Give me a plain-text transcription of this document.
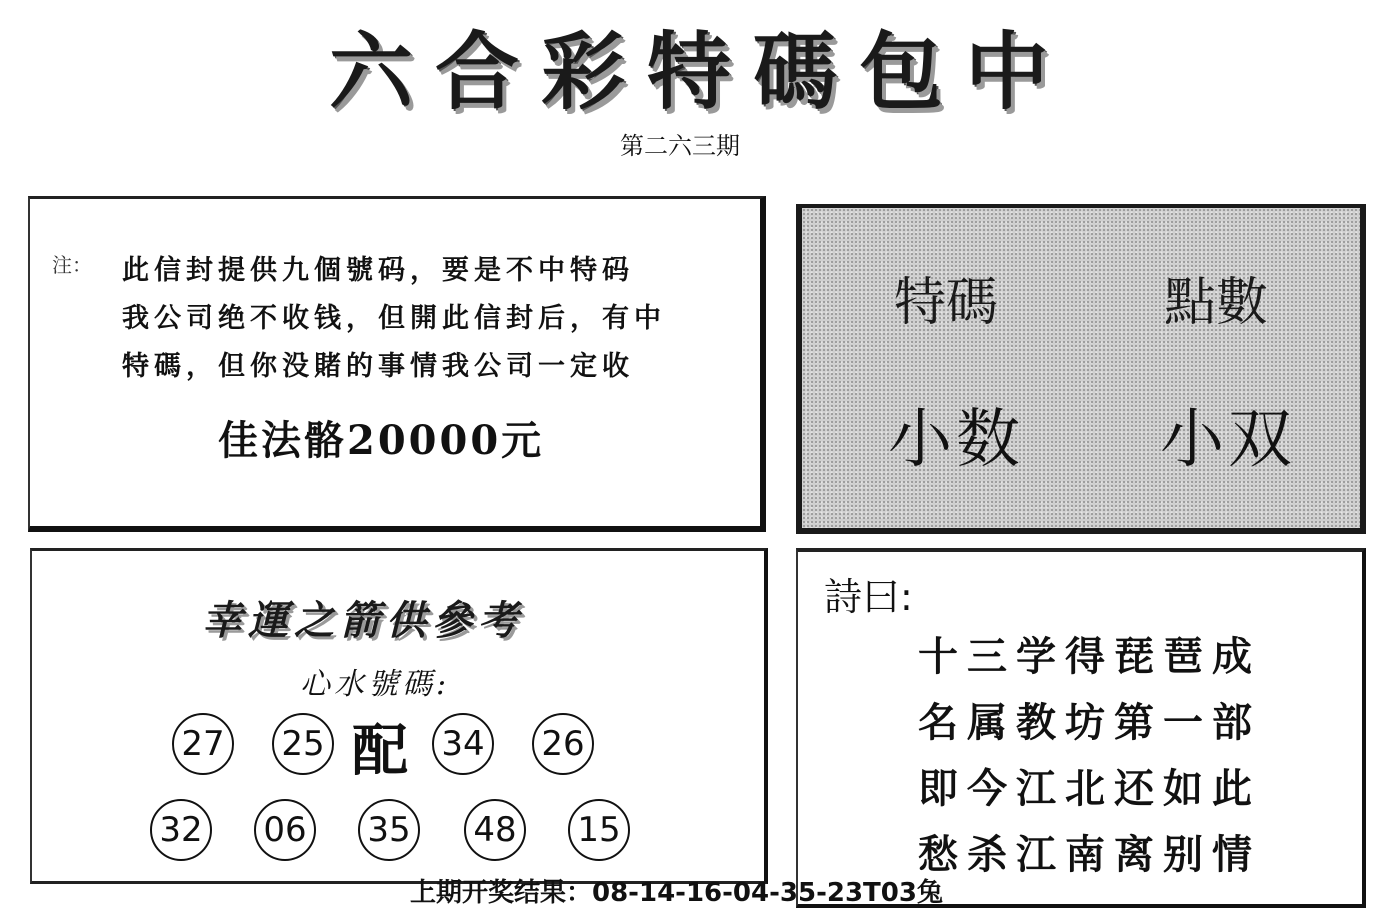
六合彩特碼包中
第二六三期
注： 此信封提供九個號码，要是不中特码
我公司绝不收钱，但開此信封后，有中
特碼，但你没賭的事情我公司一定收
佳法骼20000元
特碼	點數
小数 小双
幸運之箭供參考
心水號碼:
27 25 配 34 26
32 06 35 48 15
詩曰:
十三学得琵琶成
名属教坊第一部
即今江北还如此
愁杀江南离别情
上期开奖结果：08-14-16-04-35-23T03兔
